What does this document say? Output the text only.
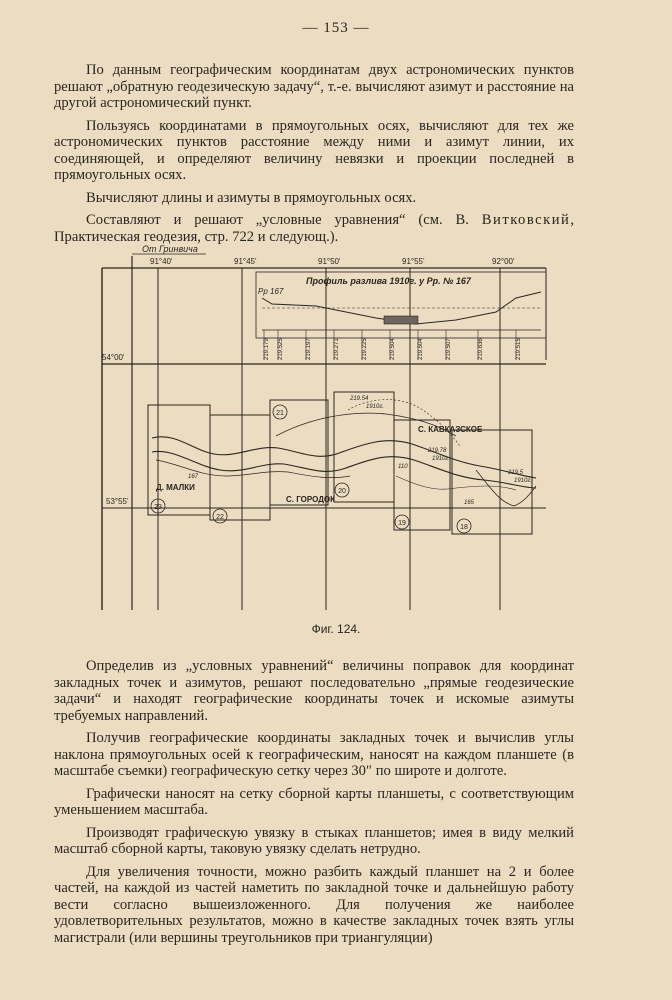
— 153 —

По данным географическим координатам двух астрономических пунктов решают „обратную геодезическую задачу“, т.-е. вычисляют азимут и расстояние на другой астрономический пункт.

Пользуясь координатами в прямоугольных осях, вычисляют для тех же астрономических пунктов расстояние между ними и азимут линии, их соединяющей, и определяют величину невязки и проекции последней в прямоугольных осях.

Вычисляют длины и азимуты в прямоугольных осях.

Составляют и решают „условные уравнения“ (см. В. Витковский, Практическая геодезия, стр. 722 и следующ.).

От Гринвича
91°40'	91°45'	91°50'	91°55'	92°00'
54°00'
53°55'
Профиль разлива 1910г. у Рр. № 167
Рр 167
219.179 219.525	219.197	219.271	219.225	219.504	219.504	219.507	219.836	219.515
23
22
21
20
19
18
Д. МАЛКИ
С. ГОРОДОК
С. КАВКАЗСКОЕ
219.54
1910г.
219.78
1910г.
219.5
1910г.
167
110
165
Фиг. 124.

Определив из „условных уравнений“ величины поправок для координат закладных точек и азимутов, решают последовательно „прямые геодезические задачи“ и находят географические координаты точек и искомые азимуты требуемых направлений.

Получив географические координаты закладных точек и вычислив углы наклона прямоугольных осей к географическим, наносят на каждом планшете (в масштабе съемки) географическую сетку через 30″ по широте и долготе.

Графически наносят на сетку сборной карты планшеты, с соответствующим уменьшением масштаба.

Производят графическую увязку в стыках планшетов; имея в виду мелкий масштаб сборной карты, таковую увязку сделать нетрудно.

Для увеличения точности, можно разбить каждый планшет на 2 и более частей, на каждой из частей наметить по закладной точке и дальнейшую работу вести согласно вышеизложенного. Для получения же наиболее удовлетворительных результатов, можно в качестве закладных точек взять углы магистрали (или вершины треугольников при триангуляции)
